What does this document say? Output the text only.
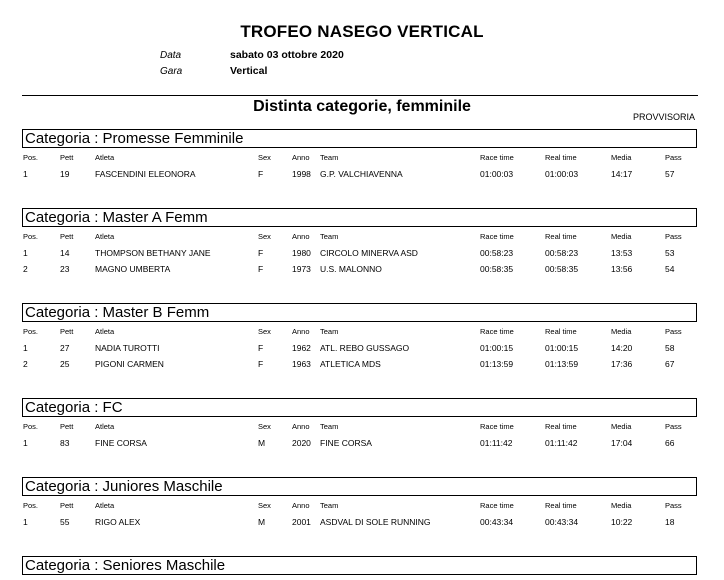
TROFEO NASEGO VERTICAL
Data	sabato 03 ottobre 2020
Gara	Vertical
Distinta categorie, femminile
PROVVISORIA
Categoria : Promesse Femminile
Pos.	Pett	Atleta	Sex	Anno Team	Race time	Real time	Media	Pass
1	19	FASCENDINI ELEONORA	F	1998 G.P. VALCHIAVENNA	01:00:03	01:00:03	14:17	57
Categoria : Master A Femm
Pos.	Pett	Atleta	Sex	Anno Team	Race time	Real time	Media	Pass
1	14	THOMPSON BETHANY JANE	F	1980 CIRCOLO MINERVA ASD	00:58:23	00:58:23	13:53	53
2	23	MAGNO UMBERTA	F	1973 U.S. MALONNO	00:58:35	00:58:35	13:56	54
Categoria : Master B Femm
Pos.	Pett	Atleta	Sex	Anno Team	Race time	Real time	Media	Pass
1	27	NADIA TUROTTI	F	1962 ATL. REBO GUSSAGO	01:00:15	01:00:15	14:20	58
2	25	PIGONI CARMEN	F	1963 ATLETICA MDS	01:13:59	01:13:59	17:36	67
Categoria : FC
Pos.	Pett	Atleta	Sex	Anno Team	Race time	Real time	Media	Pass
1	83	FINE CORSA	M	2020 FINE CORSA	01:11:42	01:11:42	17:04	66
Categoria : Juniores Maschile
Pos.	Pett	Atleta	Sex	Anno Team	Race time	Real time	Media	Pass
1	55	RIGO ALEX	M	2001 ASDVAL DI SOLE RUNNING	00:43:34	00:43:34	10:22	18
Categoria : Seniores Maschile
